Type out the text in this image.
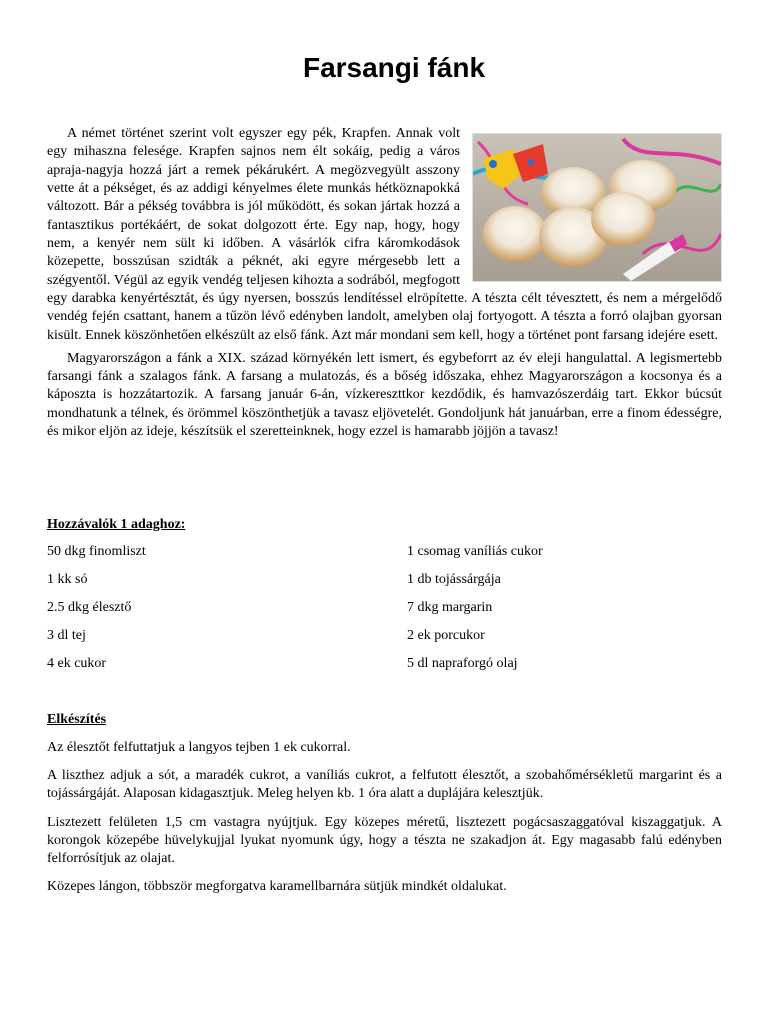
Farsangi fánk

A német történet szerint volt egyszer egy pék, Krapfen. Annak volt egy mihaszna felesége. Krapfen sajnos nem élt sokáig, pedig a város apraja-nagyja hozzá járt a remek pékárukért. A megözvegyült asszony vette át a pékséget, és az addigi kényelmes élete munkás hétköznapokká változott. Bár a pékség továbbra is jól működött, és sokan jártak hozzá a fantasztikus portékáért, de sokat dolgozott érte. Egy nap, hogy, hogy nem, a kenyér nem sült ki időben. A vásárlók cifra káromkodások közepette, bosszúsan szidták a péknét, aki egyre mérgesebb lett a szégyentől. Végül az egyik vendég teljesen kihozta a sodrából, megfogott egy darabka kenyértésztát, és úgy nyersen, bosszús lendítéssel elröpítette. A tészta célt tévesztett, és nem a mérgelődő vendég fején csattant, hanem a tűzön lévő edényben landolt, amelyben olaj fortyogott. A tészta a forró olajban gyorsan kisült. Ennek köszönhetően elkészült az első fánk. Azt már mondani sem kell, hogy a történet pont farsang idejére esett.

Magyarországon a fánk a XIX. század környékén lett ismert, és egybeforrt az év eleji hangulattal. A legismertebb farsangi fánk a szalagos fánk. A farsang a mulatozás, és a bőség időszaka, ehhez Magyarországon a kocsonya és a káposzta is hozzátartozik. A farsang január 6-án, vízkereszttkor kezdődik, és hamvazószerdáig tart. Ekkor búcsút mondhatunk a télnek, és örömmel köszönthetjük a tavasz eljövetelét. Gondoljunk hát januárban, erre a finom édességre, és mikor eljön az ideje, készítsük el szeretteinknek, hogy ezzel is hamarabb jöjjön a tavasz!

Hozzávalók 1 adaghoz:
50 dkg finomliszt	1 csomag vaníliás cukor
1 kk só	1 db tojássárgája
2.5 dkg élesztő	7 dkg margarin
3 dl tej	2 ek porcukor
4 ek cukor	5 dl napraforgó olaj
Elkészítés

Az élesztőt felfuttatjuk a langyos tejben 1 ek cukorral.

A liszthez adjuk a sót, a maradék cukrot, a vaníliás cukrot, a felfutott élesztőt, a szobahőmérsékletű margarint és a tojássárgáját. Alaposan kidagasztjuk. Meleg helyen kb. 1 óra alatt a duplájára kelesztjük.

Lisztezett felületen 1,5 cm vastagra nyújtjuk. Egy közepes méretű, lisztezett pogácsaszaggatóval kiszaggatjuk. A korongok közepébe hüvelykujjal lyukat nyomunk úgy, hogy a tészta ne szakadjon át. Egy magasabb falú edényben felforrósítjuk az olajat.

Közepes lángon, többször megforgatva karamellbarnára sütjük mindkét oldalukat.
